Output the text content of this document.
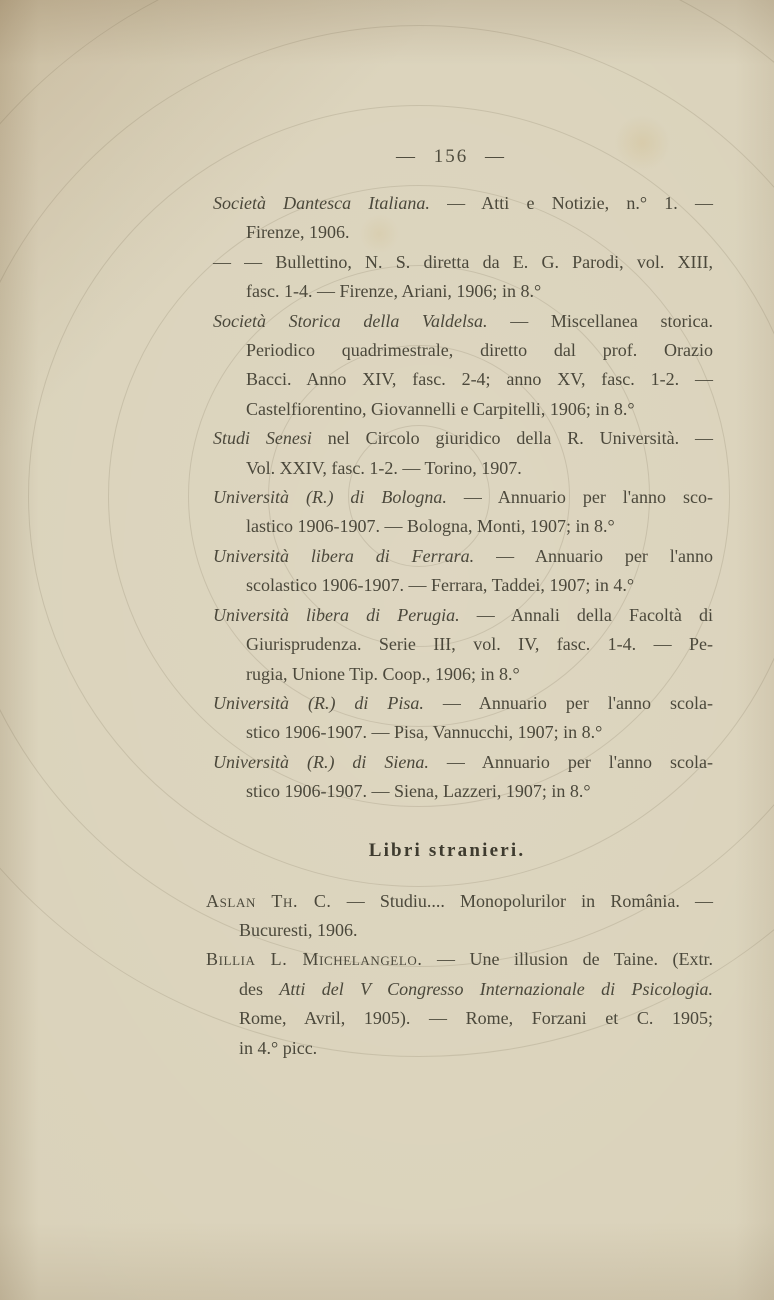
— 156 —
Società Dantesca Italiana. — Atti e Notizie, n.° 1. —
Firenze, 1906.
— — Bullettino, N. S. diretta da E. G. Parodi, vol. XIII,
fasc. 1-4. — Firenze, Ariani, 1906; in 8.°
Società Storica della Valdelsa. — Miscellanea storica.
Periodico quadrimestrale, diretto dal prof. Orazio
Bacci. Anno XIV, fasc. 2-4; anno XV, fasc. 1-2. —
Castelfiorentino, Giovannelli e Carpitelli, 1906; in 8.°
Studi Senesi nel Circolo giuridico della R. Università. —
Vol. XXIV, fasc. 1-2. — Torino, 1907.
Università (R.) di Bologna. — Annuario per l'anno sco-
lastico 1906-1907. — Bologna, Monti, 1907; in 8.°
Università libera di Ferrara. — Annuario per l'anno
scolastico 1906-1907. — Ferrara, Taddei, 1907; in 4.°
Università libera di Perugia. — Annali della Facoltà di
Giurisprudenza. Serie III, vol. IV, fasc. 1-4. — Pe-
rugia, Unione Tip. Coop., 1906; in 8.°
Università (R.) di Pisa. — Annuario per l'anno scola-
stico 1906-1907. — Pisa, Vannucchi, 1907; in 8.°
Università (R.) di Siena. — Annuario per l'anno scola-
stico 1906-1907. — Siena, Lazzeri, 1907; in 8.°
Libri stranieri.
Aslan Th. C. — Studiu.... Monopolurilor in România. —
Bucuresti, 1906.
Billia L. Michelangelo. — Une illusion de Taine. (Extr.
des Atti del V Congresso Internazionale di Psicologia.
Rome, Avril, 1905). — Rome, Forzani et C. 1905;
in 4.° picc.
